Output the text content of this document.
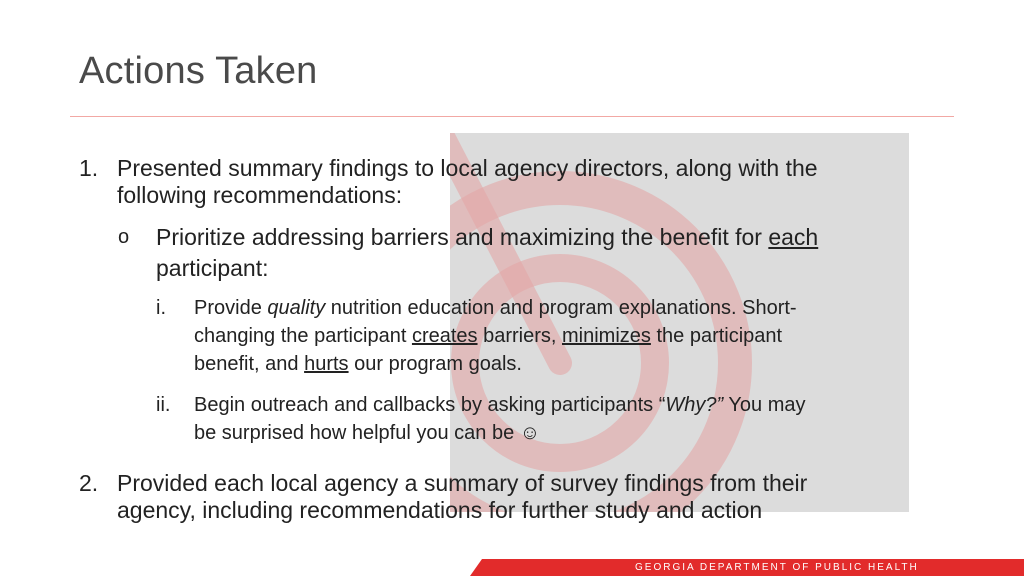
Actions Taken
1. Presented summary findings to local agency directors, along with the
following recommendations:
o Prioritize addressing barriers and maximizing the benefit for each
participant:
i. Provide quality nutrition education and program explanations. Short-
changing the participant creates barriers, minimizes the participant
benefit, and hurts our program goals.
ii. Begin outreach and callbacks by asking participants “Why?” You may
be surprised how helpful you can be ☺
2. Provided each local agency a summary of survey findings from their
agency, including recommendations for further study and action
GEORGIA DEPARTMENT OF PUBLIC HEALTH
